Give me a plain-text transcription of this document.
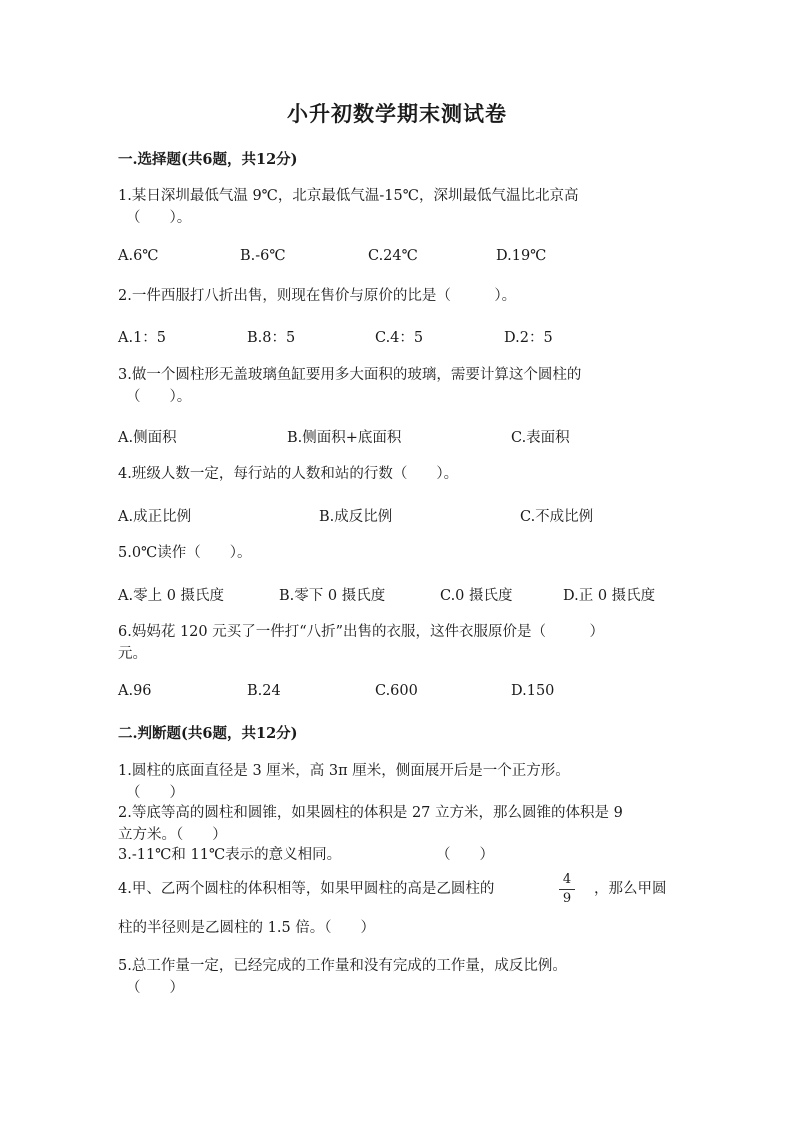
小升初数学期末测试卷
一.选择题(共6题，共12分)
1.某日深圳最低气温 9℃，北京最低气温-15℃，深圳最低气温比北京高
（　　）。
A.6℃	B.-6℃	C.24℃	D.19℃
2.一件西服打八折出售，则现在售价与原价的比是（　　　）。
A.1：5	B.8：5	C.4：5	D.2：5
3.做一个圆柱形无盖玻璃鱼缸要用多大面积的玻璃，需要计算这个圆柱的
（　　）。
A.侧面积	B.侧面积+底面积	C.表面积
4.班级人数一定，每行站的人数和站的行数（　　）。
A.成正比例	B.成反比例	C.不成比例
5.0℃读作（　　）。
A.零上 0 摄氏度	B.零下 0 摄氏度	C.0 摄氏度	D.正 0 摄氏度
6.妈妈花 120 元买了一件打“八折”出售的衣服，这件衣服原价是（　　　）
元。
A.96	B.24	C.600	D.150
二.判断题(共6题，共12分)
1.圆柱的底面直径是 3 厘米，高 3π 厘米，侧面展开后是一个正方形。
（　　）
2.等底等高的圆柱和圆锥，如果圆柱的体积是 27 立方米，那么圆锥的体积是 9
立方米。（　　）
3.-11℃和 11℃表示的意义相同。	（　　）
4.甲、乙两个圆柱的体积相等，如果甲圆柱的高是乙圆柱的
4
9
，那么甲圆
柱的半径则是乙圆柱的 1.5 倍。（　　）
5.总工作量一定，已经完成的工作量和没有完成的工作量，成反比例。
（　　）
